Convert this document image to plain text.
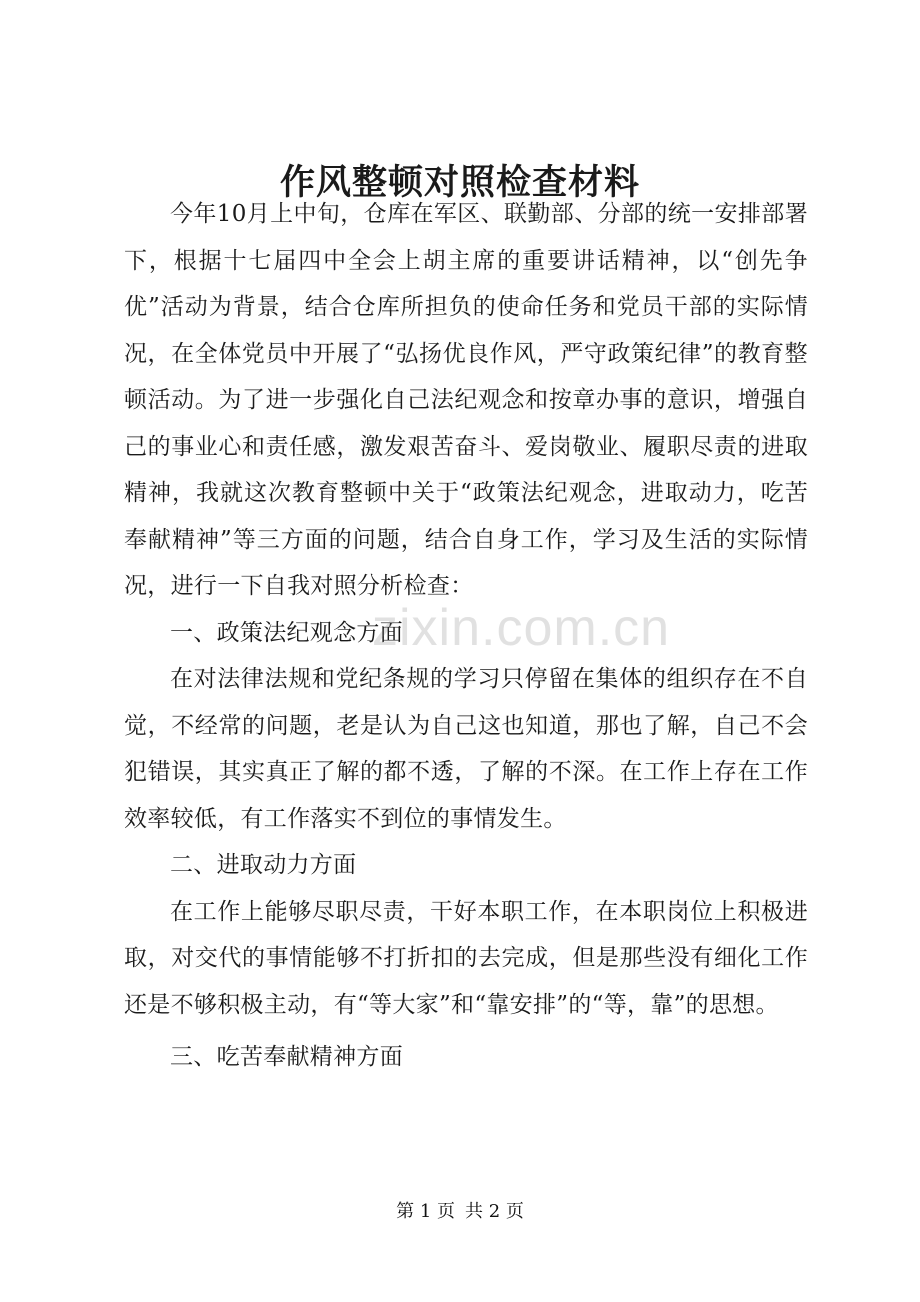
作风整顿对照检查材料

今年10月上中旬，仓库在军区、联勤部、分部的统一安排部署下，根据十七届四中全会上胡主席的重要讲话精神，以“创先争优”活动为背景，结合仓库所担负的使命任务和党员干部的实际情况，在全体党员中开展了“弘扬优良作风，严守政策纪律”的教育整顿活动。为了进一步强化自己法纪观念和按章办事的意识，增强自己的事业心和责任感，激发艰苦奋斗、爱岗敬业、履职尽责的进取精神，我就这次教育整顿中关于“政策法纪观念，进取动力，吃苦奉献精神”等三方面的问题，结合自身工作，学习及生活的实际情况，进行一下自我对照分析检查：

一、政策法纪观念方面

在对法律法规和党纪条规的学习只停留在集体的组织存在不自觉，不经常的问题，老是认为自己这也知道，那也了解，自己不会犯错误，其实真正了解的都不透，了解的不深。在工作上存在工作效率较低，有工作落实不到位的事情发生。

二、进取动力方面

在工作上能够尽职尽责，干好本职工作，在本职岗位上积极进取，对交代的事情能够不打折扣的去完成，但是那些没有细化工作还是不够积极主动，有“等大家”和“靠安排”的“等，靠”的思想。

三、吃苦奉献精神方面

zixin.com.cn
第 1 页 共 2 页
